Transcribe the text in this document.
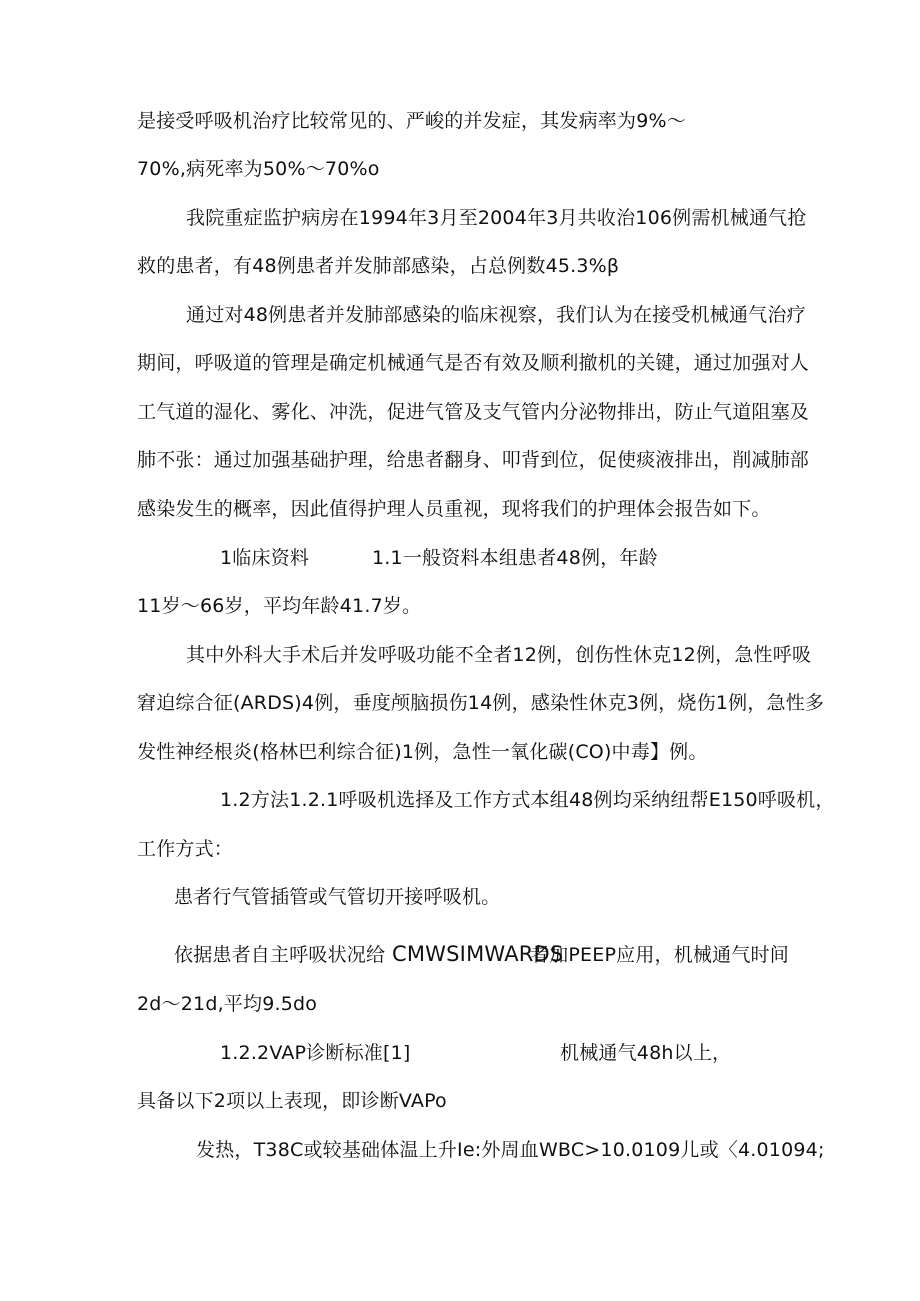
是接受呼吸机治疗比较常见的、严峻的并发症，其发病率为9%〜
70%,病死率为50%〜70%o
我院重症监护病房在1994年3月至2004年3月共收治106例需机械通气抢
救的患者，有48例患者并发肺部感染，占总例数45.3%β
通过对48例患者并发肺部感染的临床视察，我们认为在接受机械通气治疗
期间，呼吸道的管理是确定机械通气是否有效及顺利撤机的关键，通过加强对人
工气道的湿化、雾化、冲洗，促进气管及支气管内分泌物排出，防止气道阻塞及
肺不张：通过加强基础护理，给患者翻身、叩背到位，促使痰液排出，削减肺部
感染发生的概率，因此值得护理人员重视，现将我们的护理体会报告如下。
1临床资料	1.1一般资料本组患者48例，年龄
11岁～66岁，平均年龄41.7岁。
其中外科大手术后并发呼吸功能不全者12例，创伤性休克12例，急性呼吸
窘迫综合征(ARDS)4例，垂度颅脑损伤14例，感染性休克3例，烧伤1例，急性多
发性神经根炎(格林巴利综合征)1例，急性一氧化碳(CO)中毒】例。
1.2方法1.2.1呼吸机选择及工作方式本组48例均采纳纽帮E150呼吸机，
工作方式：
患者行气管插管或气管切开接呼吸机。
依据患者自主呼吸状况给 CMWSIMWARDS
者加PEEP应用，机械通气时间
2d〜21d,平均9.5do
1.2.2VAP诊断标准[1]	机械通气48h以上，
具备以下2项以上表现，即诊断VAPo
发热，T38C或较基础体温上升Ie:外周血WBC>10.0109儿或〈4.01094;
